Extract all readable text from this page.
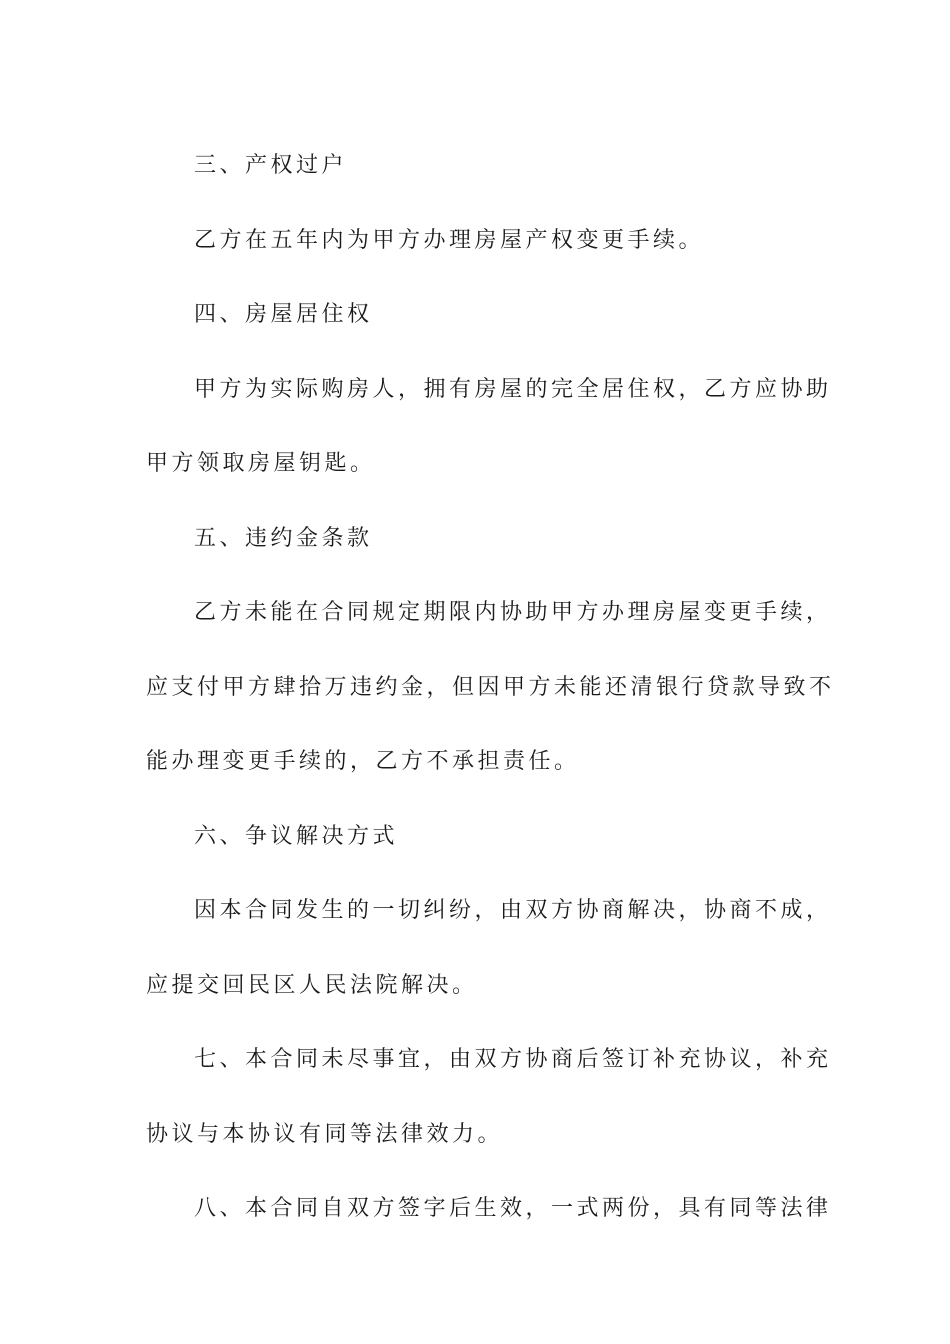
三、产权过户
乙方在五年内为甲方办理房屋产权变更手续。
四、房屋居住权
甲方为实际购房人，拥有房屋的完全居住权，乙方应协助
甲方领取房屋钥匙。
五、违约金条款
乙方未能在合同规定期限内协助甲方办理房屋变更手续，
应支付甲方肆拾万违约金，但因甲方未能还清银行贷款导致不
能办理变更手续的，乙方不承担责任。
六、争议解决方式
因本合同发生的一切纠纷，由双方协商解决，协商不成，
应提交回民区人民法院解决。
七、本合同未尽事宜，由双方协商后签订补充协议，补充
协议与本协议有同等法律效力。
八、本合同自双方签字后生效，一式两份，具有同等法律
